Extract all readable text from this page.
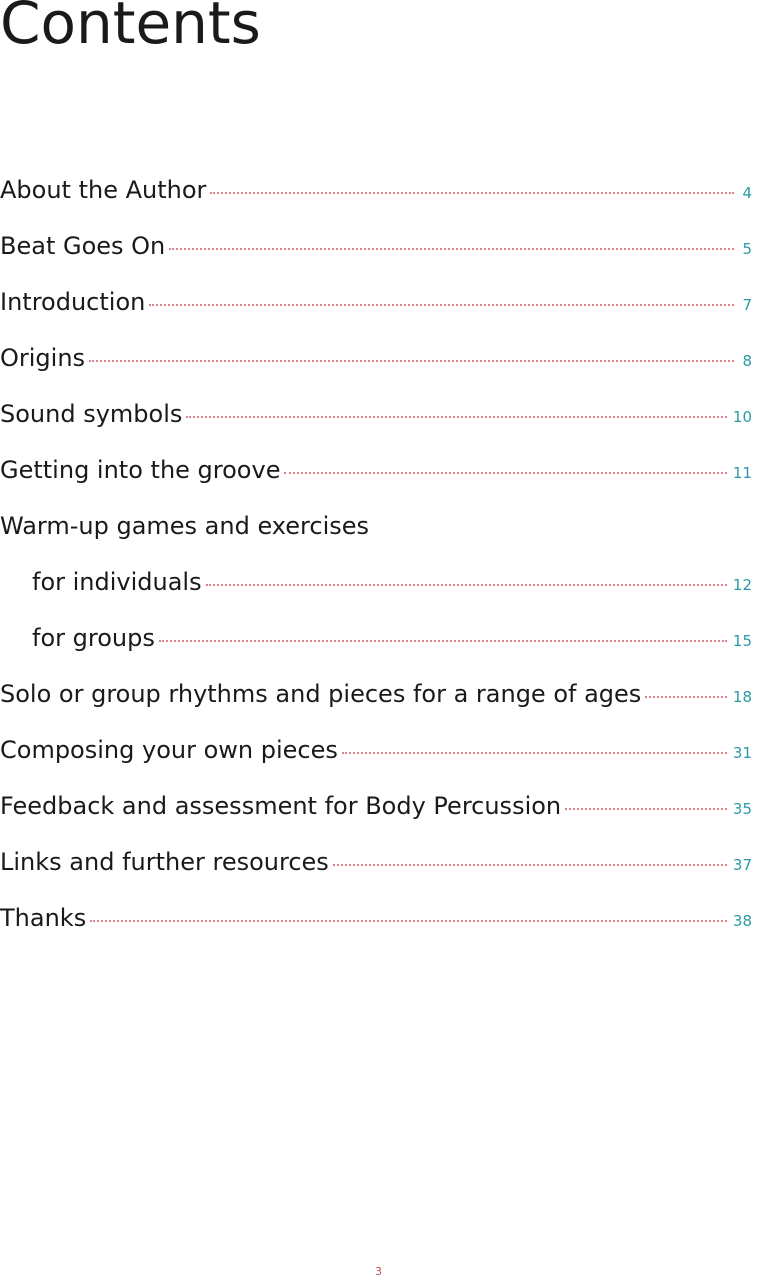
Contents
About the Author	4
Beat Goes On	5
Introduction	7
Origins	8
Sound symbols	10
Getting into the groove	11
Warm-up games and exercises
for individuals	12
for groups	15
Solo or group rhythms and pieces for a range of ages	18
Composing your own pieces	31
Feedback and assessment for Body Percussion	35
Links and further resources	37
Thanks	38
3
